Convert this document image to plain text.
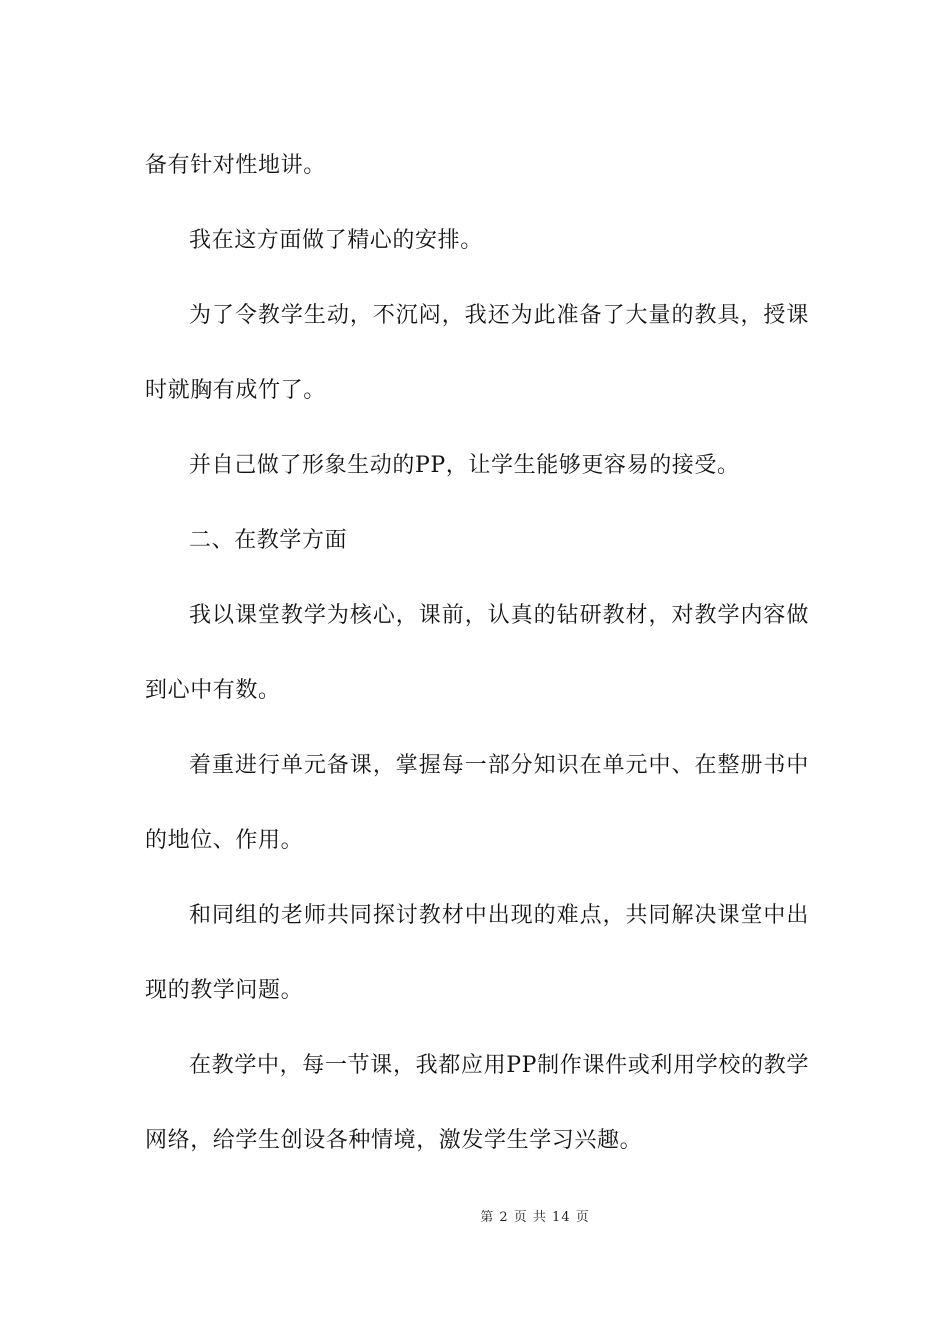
备有针对性地讲。

我在这方面做了精心的安排。

为了令教学生动，不沉闷，我还为此准备了大量的教具，授课时就胸有成竹了。

并自己做了形象生动的PP，让学生能够更容易的接受。

二、在教学方面

我以课堂教学为核心，课前，认真的钻研教材，对教学内容做到心中有数。

着重进行单元备课，掌握每一部分知识在单元中、在整册书中的地位、作用。

和同组的老师共同探讨教材中出现的难点，共同解决课堂中出现的教学问题。

在教学中，每一节课，我都应用PP制作课件或利用学校的教学网络，给学生创设各种情境，激发学生学习兴趣。

第 2 页 共 14 页
